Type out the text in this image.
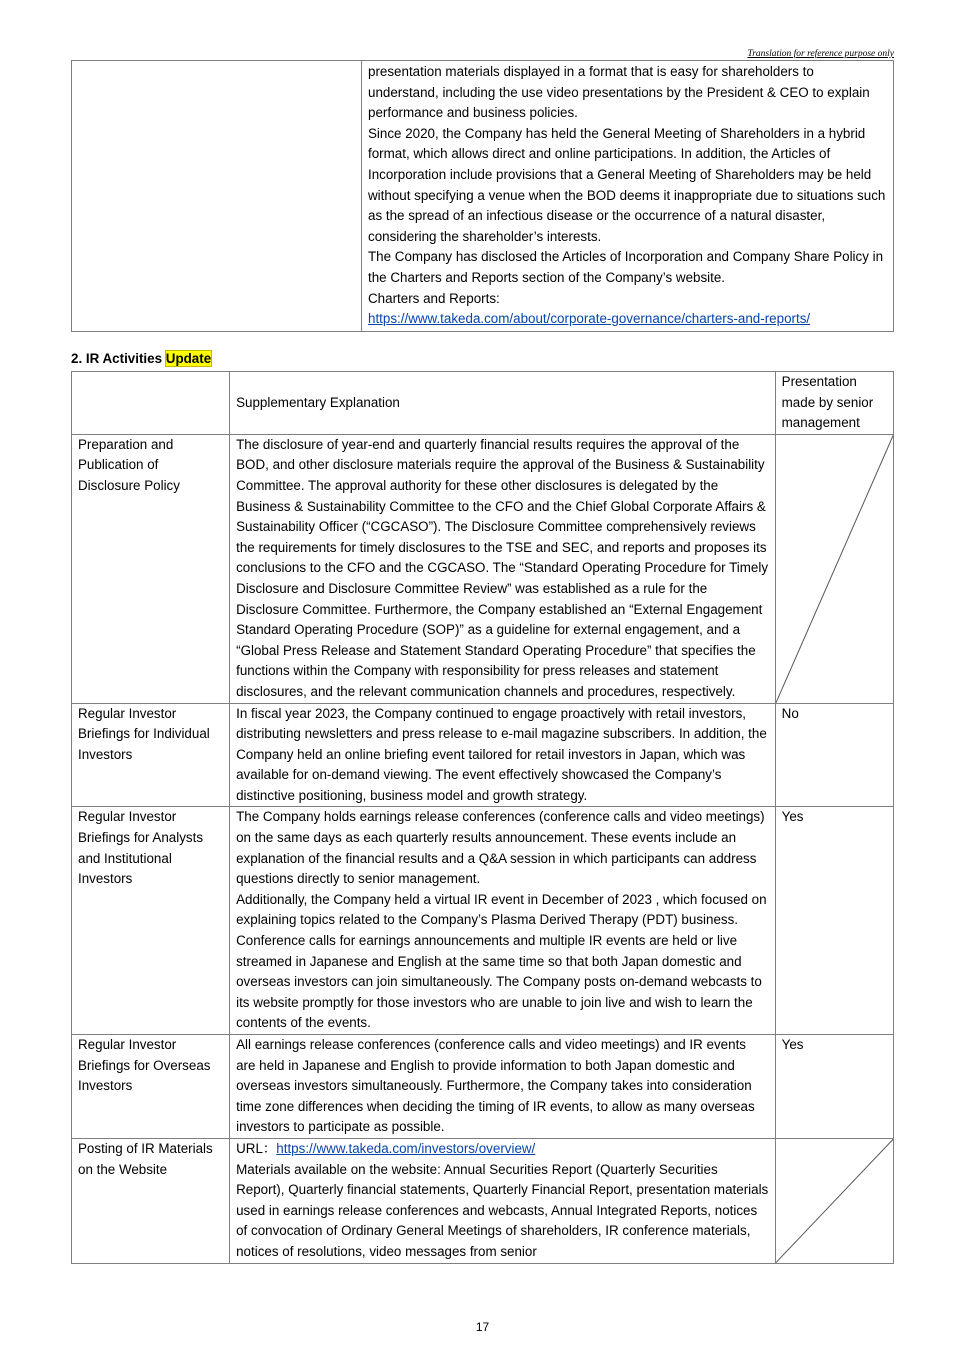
Translation for reference purpose only

presentation materials displayed in a format that is easy for shareholders to understand, including the use video presentations by the President & CEO to explain performance and business policies.
Since 2020, the Company has held the General Meeting of Shareholders in a hybrid format, which allows direct and online participations. In addition, the Articles of Incorporation include provisions that a General Meeting of Shareholders may be held without specifying a venue when the BOD deems it inappropriate due to situations such as the spread of an infectious disease or the occurrence of a natural disaster, considering the shareholder’s interests.
The Company has disclosed the Articles of Incorporation and Company Share Policy in the Charters and Reports section of the Company’s website.
Charters and Reports:
https://www.takeda.com/about/corporate-governance/charters-and-reports/
2. IR Activities Update
	Supplementary Explanation	Presentation made by senior management
Preparation and Publication of Disclosure Policy	The disclosure of year-end and quarterly financial results requires the approval of the BOD, and other disclosure materials require the approval of the Business & Sustainability Committee. The approval authority for these other disclosures is delegated by the Business & Sustainability Committee to the CFO and the Chief Global Corporate Affairs & Sustainability Officer (“CGCASO”). The Disclosure Committee comprehensively reviews the requirements for timely disclosures to the TSE and SEC, and reports and proposes its conclusions to the CFO and the CGCASO. The “Standard Operating Procedure for Timely Disclosure and Disclosure Committee Review” was established as a rule for the Disclosure Committee. Furthermore, the Company established an “External Engagement Standard Operating Procedure (SOP)” as a guideline for external engagement, and a “Global Press Release and Statement Standard Operating Procedure” that specifies the functions within the Company with responsibility for press releases and statement disclosures, and the relevant communication channels and procedures, respectively.	

Regular Investor Briefings for Individual Investors	In fiscal year 2023, the Company continued to engage proactively with retail investors, distributing newsletters and press release to e-mail magazine subscribers. In addition, the Company held an online briefing event tailored for retail investors in Japan, which was available for on-demand viewing. The event effectively showcased the Company’s distinctive positioning, business model and growth strategy.	No
Regular Investor Briefings for Analysts and Institutional Investors	The Company holds earnings release conferences (conference calls and video meetings) on the same days as each quarterly results announcement. These events include an explanation of the financial results and a Q&A session in which participants can address questions directly to senior management.
Additionally, the Company held a virtual IR event in December of 2023 , which focused on explaining topics related to the Company’s Plasma Derived Therapy (PDT) business. Conference calls for earnings announcements and multiple IR events are held or live streamed in Japanese and English at the same time so that both Japan domestic and overseas investors can join simultaneously. The Company posts on-demand webcasts to its website promptly for those investors who are unable to join live and wish to learn the contents of the events.	Yes
Regular Investor Briefings for Overseas Investors	All earnings release conferences (conference calls and video meetings) and IR events are held in Japanese and English to provide information to both Japan domestic and overseas investors simultaneously. Furthermore, the Company takes into consideration time zone differences when deciding the timing of IR events, to allow as many overseas investors to participate as possible.	Yes
Posting of IR Materials on the Website	URL：https://www.takeda.com/investors/overview/
Materials available on the website: Annual Securities Report (Quarterly Securities Report), Quarterly financial statements, Quarterly Financial Report, presentation materials used in earnings release conferences and webcasts, Annual Integrated Reports, notices of convocation of Ordinary General Meetings of shareholders, IR conference materials, notices of resolutions, video messages from senior

17
